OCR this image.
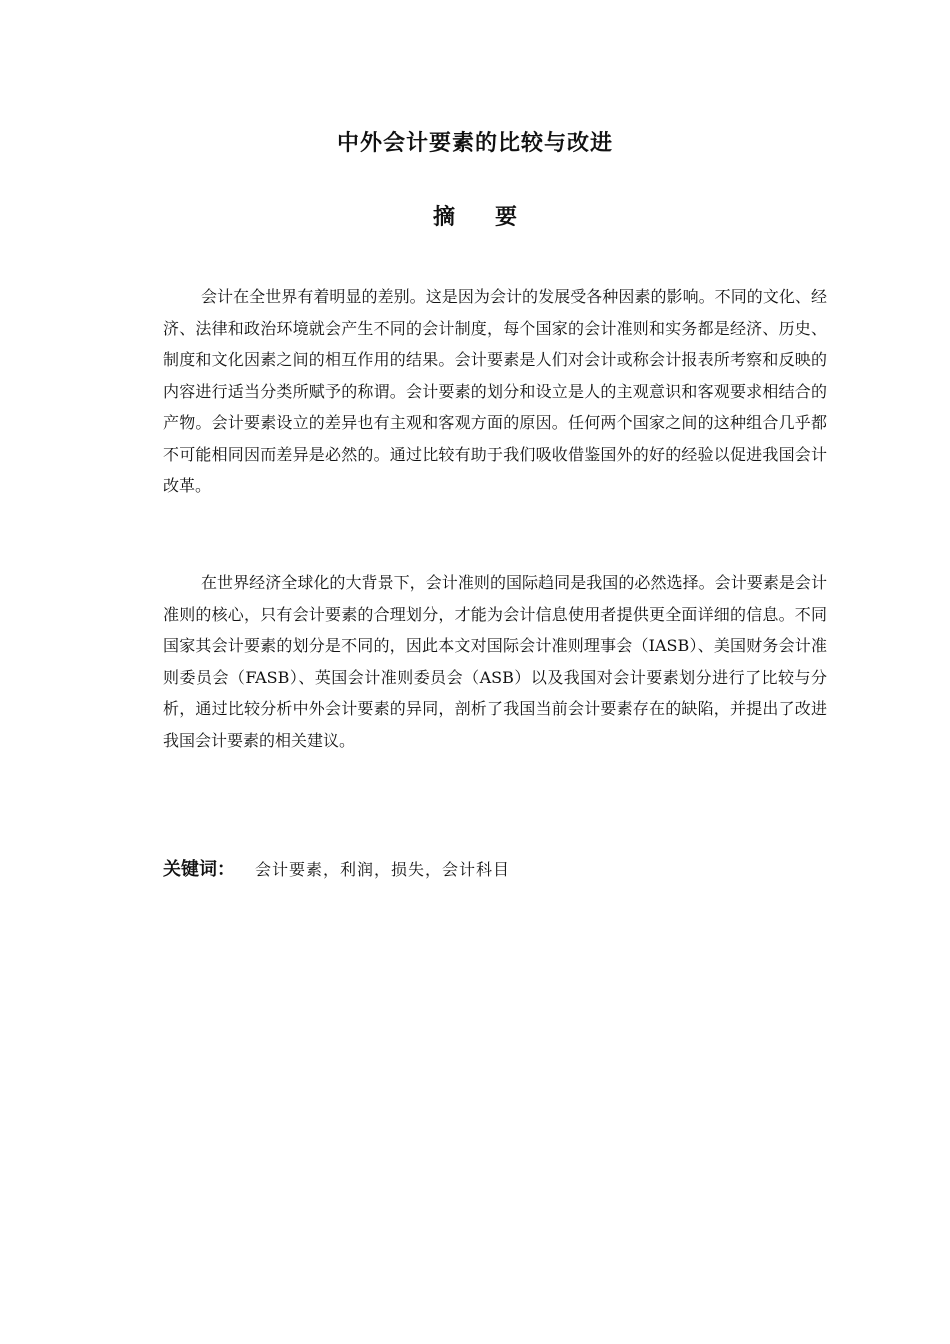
中外会计要素的比较与改进
摘要

会计在全世界有着明显的差别。这是因为会计的发展受各种因素的影响。不同的文化、经济、法律和政治环境就会产生不同的会计制度，每个国家的会计准则和实务都是经济、历史、制度和文化因素之间的相互作用的结果。会计要素是人们对会计或称会计报表所考察和反映的内容进行适当分类所赋予的称谓。会计要素的划分和设立是人的主观意识和客观要求相结合的产物。会计要素设立的差异也有主观和客观方面的原因。任何两个国家之间的这种组合几乎都不可能相同因而差异是必然的。通过比较有助于我们吸收借鉴国外的好的经验以促进我国会计改革。

在世界经济全球化的大背景下，会计准则的国际趋同是我国的必然选择。会计要素是会计准则的核心，只有会计要素的合理划分，才能为会计信息使用者提供更全面详细的信息。不同国家其会计要素的划分是不同的，因此本文对国际会计准则理事会（IASB）、美国财务会计准则委员会（FASB）、英国会计准则委员会（ASB）以及我国对会计要素划分进行了比较与分析，通过比较分析中外会计要素的异同，剖析了我国当前会计要素存在的缺陷，并提出了改进我国会计要素的相关建议。

关键词： 会计要素，利润，损失，会计科目
